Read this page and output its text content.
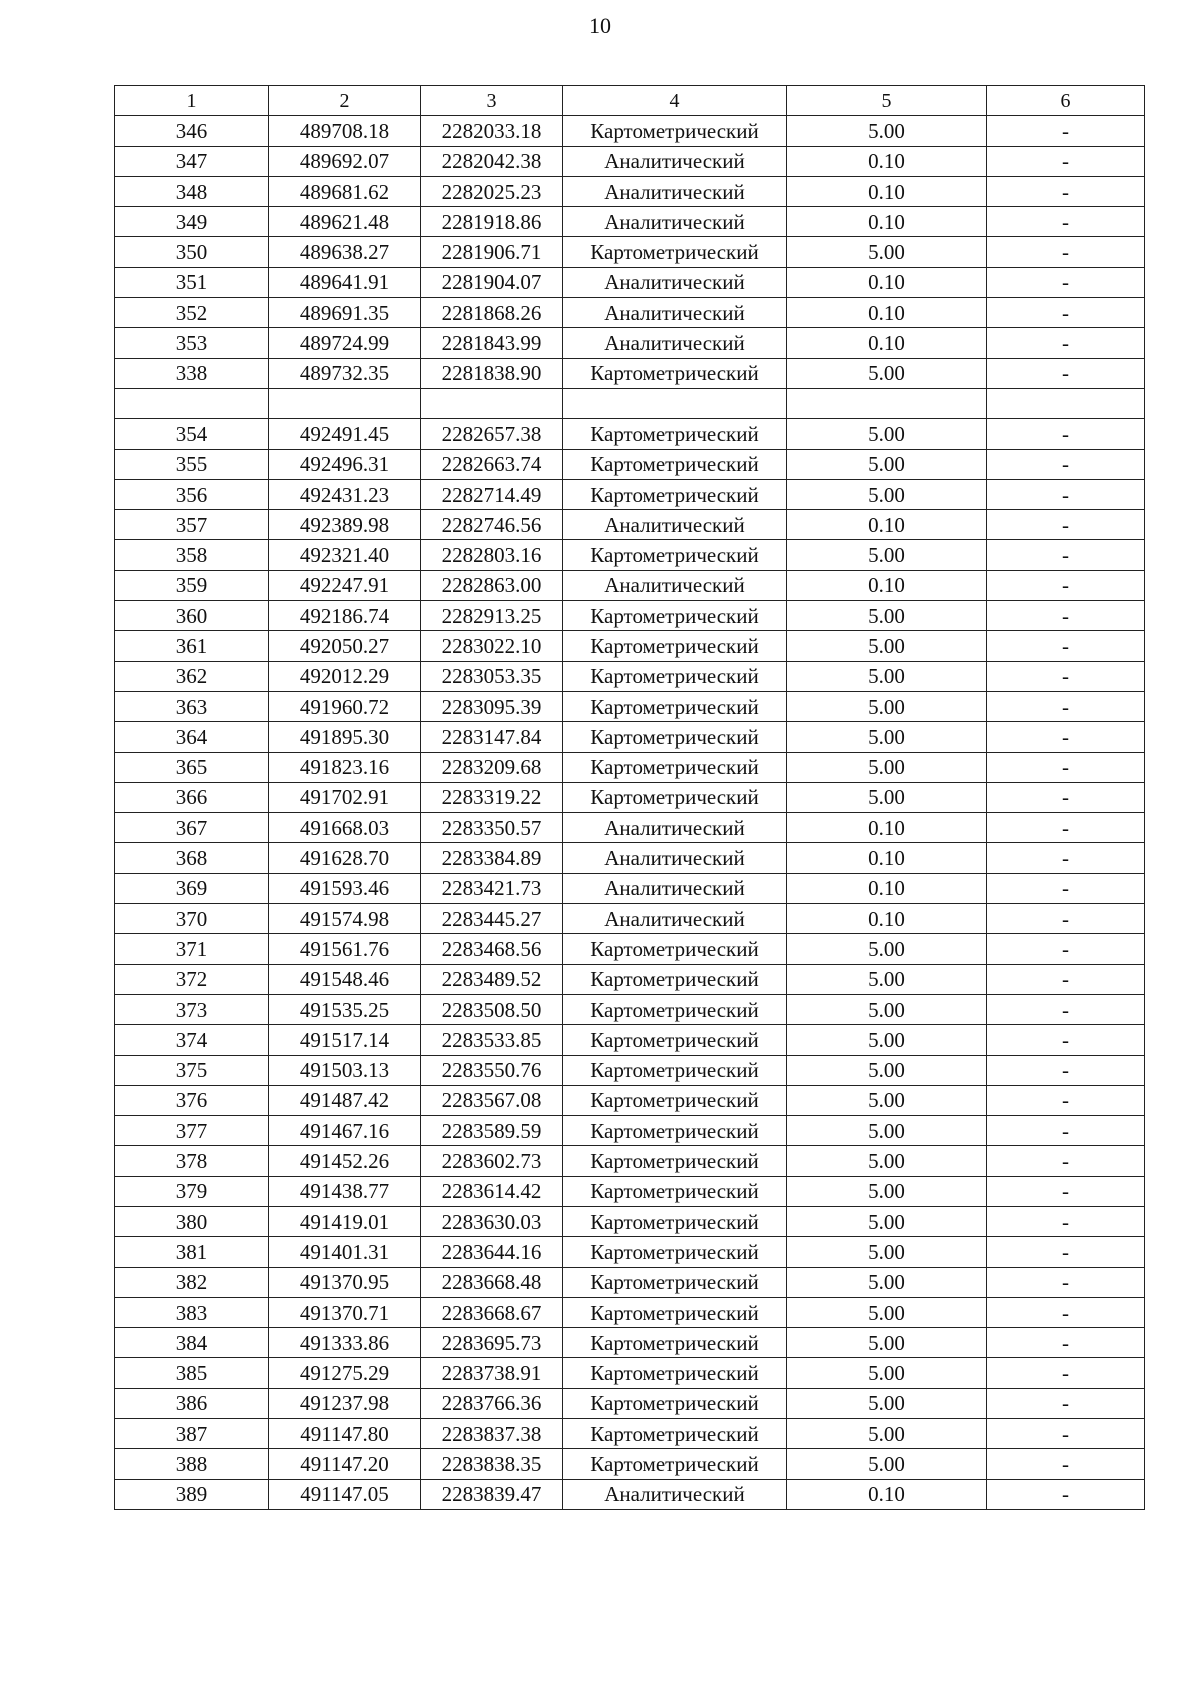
10
1	2	3	4	5	6
346	489708.18	2282033.18	Картометрический	5.00	-
347	489692.07	2282042.38	Аналитический	0.10	-
348	489681.62	2282025.23	Аналитический	0.10	-
349	489621.48	2281918.86	Аналитический	0.10	-
350	489638.27	2281906.71	Картометрический	5.00	-
351	489641.91	2281904.07	Аналитический	0.10	-
352	489691.35	2281868.26	Аналитический	0.10	-
353	489724.99	2281843.99	Аналитический	0.10	-
338	489732.35	2281838.90	Картометрический	5.00	-

354	492491.45	2282657.38	Картометрический	5.00	-
355	492496.31	2282663.74	Картометрический	5.00	-
356	492431.23	2282714.49	Картометрический	5.00	-
357	492389.98	2282746.56	Аналитический	0.10	-
358	492321.40	2282803.16	Картометрический	5.00	-
359	492247.91	2282863.00	Аналитический	0.10	-
360	492186.74	2282913.25	Картометрический	5.00	-
361	492050.27	2283022.10	Картометрический	5.00	-
362	492012.29	2283053.35	Картометрический	5.00	-
363	491960.72	2283095.39	Картометрический	5.00	-
364	491895.30	2283147.84	Картометрический	5.00	-
365	491823.16	2283209.68	Картометрический	5.00	-
366	491702.91	2283319.22	Картометрический	5.00	-
367	491668.03	2283350.57	Аналитический	0.10	-
368	491628.70	2283384.89	Аналитический	0.10	-
369	491593.46	2283421.73	Аналитический	0.10	-
370	491574.98	2283445.27	Аналитический	0.10	-
371	491561.76	2283468.56	Картометрический	5.00	-
372	491548.46	2283489.52	Картометрический	5.00	-
373	491535.25	2283508.50	Картометрический	5.00	-
374	491517.14	2283533.85	Картометрический	5.00	-
375	491503.13	2283550.76	Картометрический	5.00	-
376	491487.42	2283567.08	Картометрический	5.00	-
377	491467.16	2283589.59	Картометрический	5.00	-
378	491452.26	2283602.73	Картометрический	5.00	-
379	491438.77	2283614.42	Картометрический	5.00	-
380	491419.01	2283630.03	Картометрический	5.00	-
381	491401.31	2283644.16	Картометрический	5.00	-
382	491370.95	2283668.48	Картометрический	5.00	-
383	491370.71	2283668.67	Картометрический	5.00	-
384	491333.86	2283695.73	Картометрический	5.00	-
385	491275.29	2283738.91	Картометрический	5.00	-
386	491237.98	2283766.36	Картометрический	5.00	-
387	491147.80	2283837.38	Картометрический	5.00	-
388	491147.20	2283838.35	Картометрический	5.00	-
389	491147.05	2283839.47	Аналитический	0.10	-
